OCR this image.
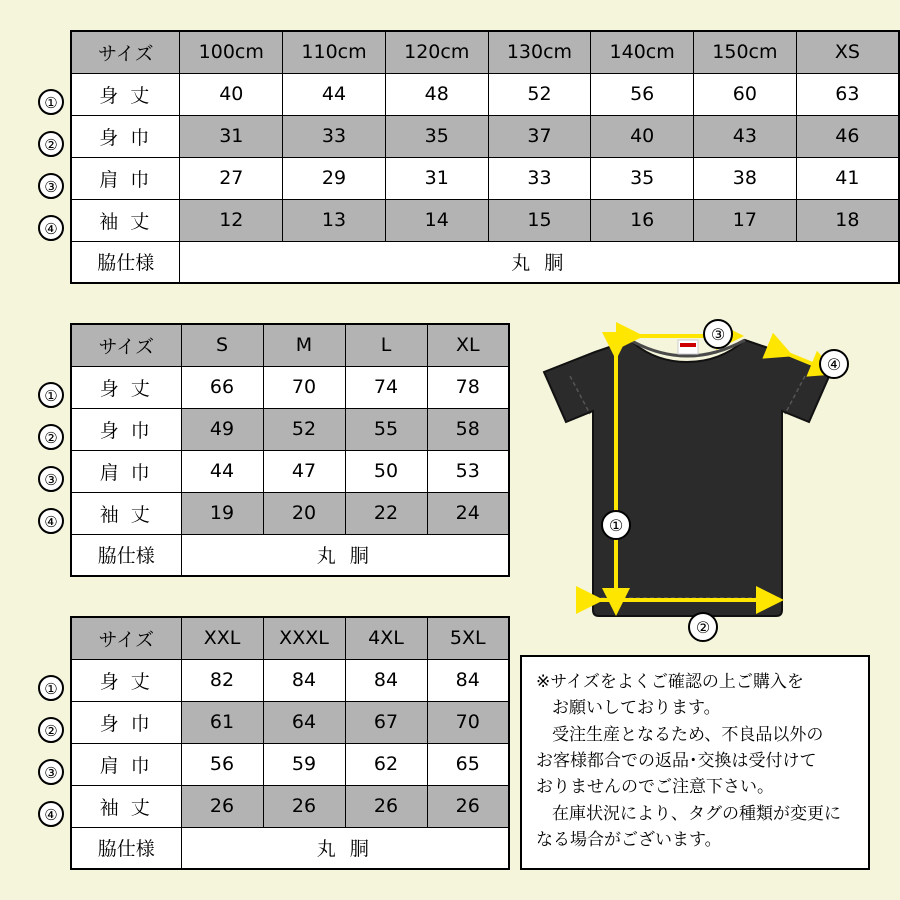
①
②
③
④
サイズ	100cm	110cm	120cm	130cm	140cm	150cm	XS
身 丈	40	44	48	52	56	60	63
身 巾	31	33	35	37	40	43	46
肩 巾	27	29	31	33	35	38	41
袖 丈	12	13	14	15	16	17	18
脇仕様	丸 胴						
①
②
③
④
サイズ	S	M	L	XL
身 丈	66	70	74	78
身 巾	49	52	55	58
肩 巾	44	47	50	53
袖 丈	19	20	22	24
脇仕様	丸 胴			
①
②
③
④
サイズ	XXL	XXXL	4XL	5XL
身 丈	82	84	84	84
身 巾	61	64	67	70
肩 巾	56	59	62	65
袖 丈	26	26	26	26
脇仕様	丸 胴			
③
④
①
②

※サイズをよくご確認の上ご購入を

お願いしております。

受注生産となるため、不良品以外の

お客様都合での返品･交換は受付けて

おりませんのでご注意下さい。

在庫状況により、タグの種類が変更に

なる場合がございます。
